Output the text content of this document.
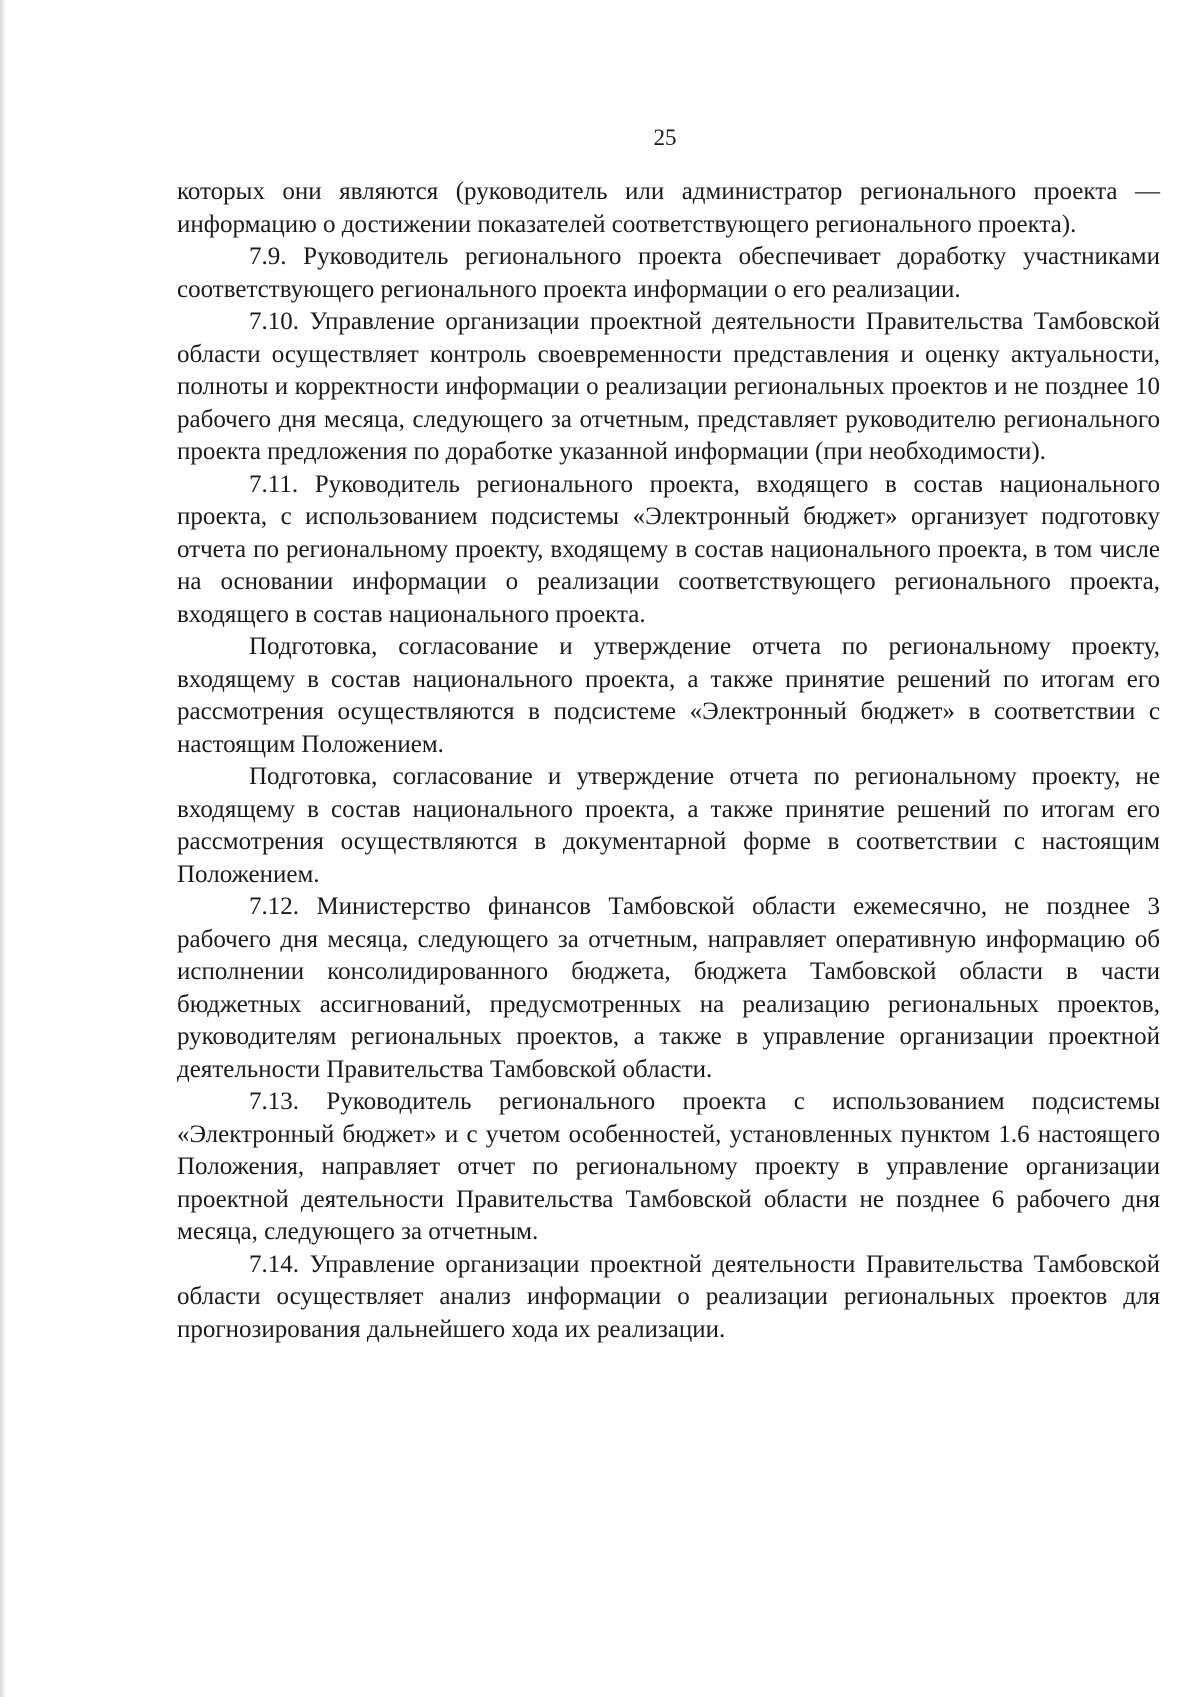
25

которых они являются (руководитель или администратор регионального проекта — информацию о достижении показателей соответствующего регионального проекта).

7.9. Руководитель регионального проекта обеспечивает доработку участниками соответствующего регионального проекта информации о его реализации.

7.10. Управление организации проектной деятельности Правительства Тамбовской области осуществляет контроль своевременности представления и оценку актуальности, полноты и корректности информации о реализации региональных проектов и не позднее 10 рабочего дня месяца, следующего за отчетным, представляет руководителю регионального проекта предложения по доработке указанной информации (при необходимости).

7.11. Руководитель регионального проекта, входящего в состав национального проекта, с использованием подсистемы «Электронный бюджет» организует подготовку отчета по региональному проекту, входящему в состав национального проекта, в том числе на основании информации о реализации соответствующего регионального проекта, входящего в состав национального проекта.

Подготовка, согласование и утверждение отчета по региональному проекту, входящему в состав национального проекта, а также принятие решений по итогам его рассмотрения осуществляются в подсистеме «Электронный бюджет» в соответствии с настоящим Положением.

Подготовка, согласование и утверждение отчета по региональному проекту, не входящему в состав национального проекта, а также принятие решений по итогам его рассмотрения осуществляются в документарной форме в соответствии с настоящим Положением.

7.12. Министерство финансов Тамбовской области ежемесячно, не позднее 3 рабочего дня месяца, следующего за отчетным, направляет оперативную информацию об исполнении консолидированного бюджета, бюджета Тамбовской области в части бюджетных ассигнований, предусмотренных на реализацию региональных проектов, руководителям региональных проектов, а также в управление организации проектной деятельности Правительства Тамбовской области.

7.13. Руководитель регионального проекта с использованием подсистемы «Электронный бюджет» и с учетом особенностей, установленных пунктом 1.6 настоящего Положения, направляет отчет по региональному проекту в управление организации проектной деятельности Правительства Тамбовской области не позднее 6 рабочего дня месяца, следующего за отчетным.

7.14. Управление организации проектной деятельности Правительства Тамбовской области осуществляет анализ информации о реализации региональных проектов для прогнозирования дальнейшего хода их реализации.
